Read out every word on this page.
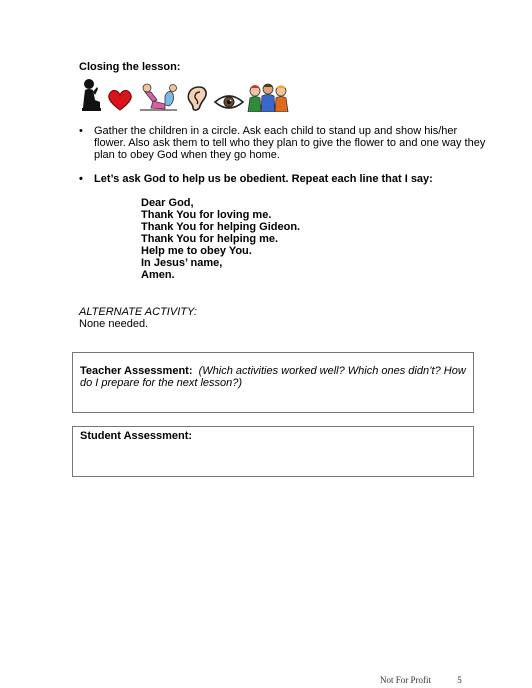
Closing the lesson:
• Gather the children in a circle. Ask each child to stand up and show his/her flower. Also ask them to tell who they plan to give the flower to and one way they plan to obey God when they go home.
• Let’s ask God to help us be obedient. Repeat each line that I say:
Dear God,
Thank You for loving me.
Thank You for helping Gideon.
Thank You for helping me.
Help me to obey You.
In Jesus’ name,
Amen.
ALTERNATE ACTIVITY:
None needed.
Teacher Assessment: (Which activities worked well? Which ones didn’t? How do I prepare for the next lesson?)
Student Assessment:
Not For Profit	5
